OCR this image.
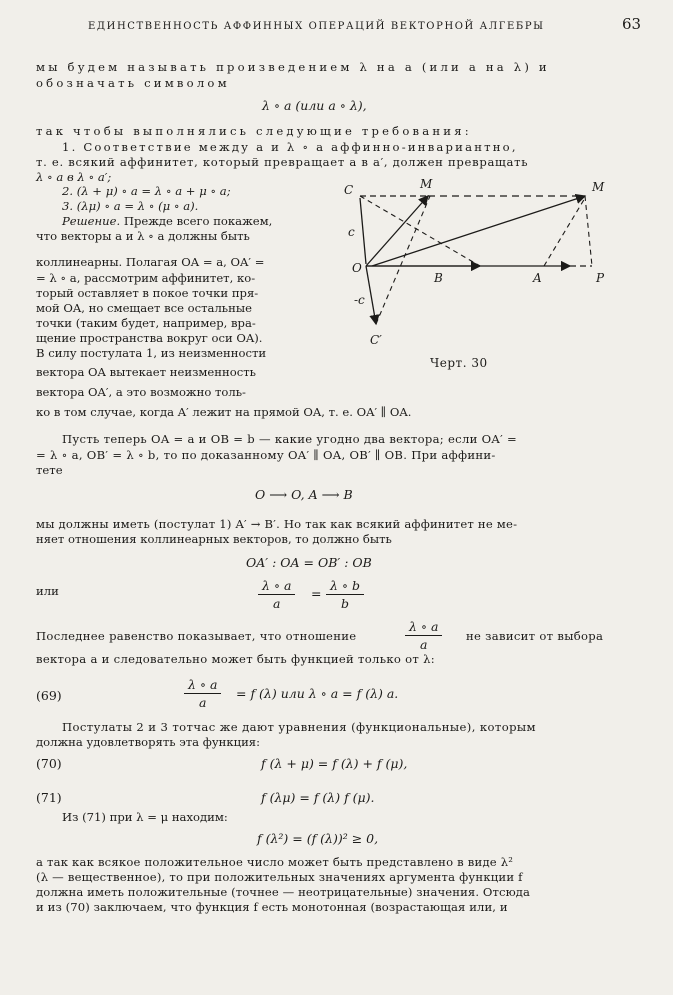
ЕДИНСТВЕННОСТЬ АФФИННЫХ ОПЕРАЦИЙ ВЕКТОРНОЙ АЛГЕБРЫ	63
мы будем называть произведением λ на a (или a на λ) и
обозначать символом
λ ∘ a (или a ∘ λ),
так чтобы выполнялись следующие требования:
1. Соответствие между a и λ ∘ a аффинно-инвариантно,
т. е. всякий аффинитет, который превращает a в a′, должен превращать
λ ∘ a в λ ∘ a′;
2. (λ + μ) ∘ a = λ ∘ a + μ ∘ a;
3. (λμ) ∘ a = λ ∘ (μ ∘ a).
Решение. Прежде всего покажем,
что векторы a и λ ∘ a должны быть
коллинеарны. Полагая OA = a, OA′ =
= λ ∘ a, рассмотрим аффинитет, ко-
торый оставляет в покое точки пря-
мой OA, но смещает все остальные
точки (таким будет, например, вра-
щение пространства вокруг оси OA).
В силу постулата 1, из неизменности
вектора OA вытекает неизменность
вектора OA′, а это возможно толь-
ко в том случае, когда A′ лежит на прямой OA, т. е. OA′ ∥ OA.
C	M	M
O
B	A	P
C′
c
-c
Черт. 30
Пусть теперь OA = a и OB = b — какие угодно два вектора; если OA′ =
= λ ∘ a, OB′ = λ ∘ b, то по доказанному OA′ ∥ OA, OB′ ∥ OB. При аффини-
тете
O ⟶ O, A ⟶ B
мы должны иметь (постулат 1) A′ → B′. Но так как всякий аффинитет не ме-
няет отношения коллинеарных векторов, то должно быть
OA′ : OA = OB′ : OB
или	$\frac{\lambda \circ a}{a} = \frac{\lambda \circ b}{b}$
Последнее равенство показывает, что отношение	$\frac{\lambda \circ a}{a}$ не зависит от выбора
вектора a и следовательно может быть функцией только от λ:
(69)	$\frac{\lambda \circ a}{a} = f$ (λ) или λ ∘ a = f (λ) a.
Постулаты 2 и 3 тотчас же дают уравнения (функциональные), которым
должна удовлетворять эта функция:
(70)	f (λ + μ) = f (λ) + f (μ),
(71)	f (λμ) = f (λ) f (μ).
Из (71) при λ = μ находим:
f (λ²) = (f (λ))² ≥ 0,
а так как всякое положительное число может быть представлено в виде λ²
(λ — вещественное), то при положительных значениях аргумента функции f
должна иметь положительные (точнее — неотрицательные) значения. Отсюда
и из (70) заключаем, что функция f есть монотонная (возрастающая или, и
